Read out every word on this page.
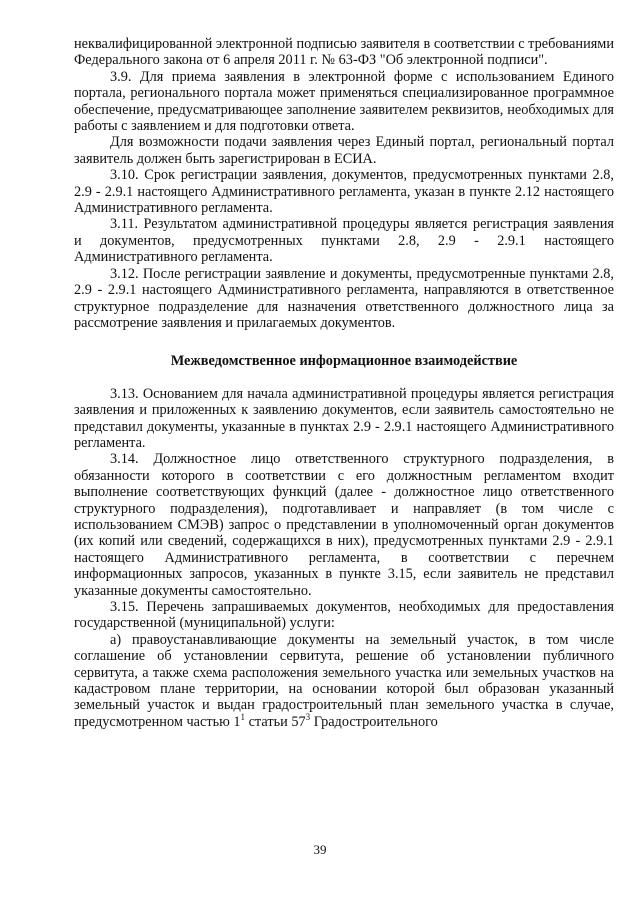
неквалифицированной электронной подписью заявителя в соответствии с требованиями Федерального закона от 6 апреля 2011 г. № 63-ФЗ "Об электронной подписи".

3.9. Для приема заявления в электронной форме с использованием Единого портала, регионального портала может применяться специализированное программное обеспечение, предусматривающее заполнение заявителем реквизитов, необходимых для работы с заявлением и для подготовки ответа.

Для возможности подачи заявления через Единый портал, региональный портал заявитель должен быть зарегистрирован в ЕСИА.

3.10. Срок регистрации заявления, документов, предусмотренных пунктами 2.8, 2.9 - 2.9.1 настоящего Административного регламента, указан в пункте 2.12 настоящего Административного регламента.

3.11. Результатом административной процедуры является регистрация заявления и документов, предусмотренных пунктами 2.8, 2.9 - 2.9.1 настоящего Административного регламента.

3.12. После регистрации заявление и документы, предусмотренные пунктами 2.8, 2.9 - 2.9.1 настоящего Административного регламента, направляются в ответственное структурное подразделение для назначения ответственного должностного лица за рассмотрение заявления и прилагаемых документов.

Межведомственное информационное взаимодействие

3.13. Основанием для начала административной процедуры является регистрация заявления и приложенных к заявлению документов, если заявитель самостоятельно не представил документы, указанные в пунктах 2.9 - 2.9.1 настоящего Административного регламента.

3.14. Должностное лицо ответственного структурного подразделения, в обязанности которого в соответствии с его должностным регламентом входит выполнение соответствующих функций (далее - должностное лицо ответственного структурного подразделения), подготавливает и направляет (в том числе с использованием СМЭВ) запрос о представлении в уполномоченный орган документов (их копий или сведений, содержащихся в них), предусмотренных пунктами 2.9 - 2.9.1 настоящего Административного регламента, в соответствии с перечнем информационных запросов, указанных в пункте 3.15, если заявитель не представил указанные документы самостоятельно.

3.15. Перечень запрашиваемых документов, необходимых для предоставления государственной (муниципальной) услуги:

а) правоустанавливающие документы на земельный участок, в том числе соглашение об установлении сервитута, решение об установлении публичного сервитута, а также схема расположения земельного участка или земельных участков на кадастровом плане территории, на основании которой был образован указанный земельный участок и выдан градостроительный план земельного участка в случае, предусмотренном частью $1^1$ статьи $57^3$ Градостроительного

39
